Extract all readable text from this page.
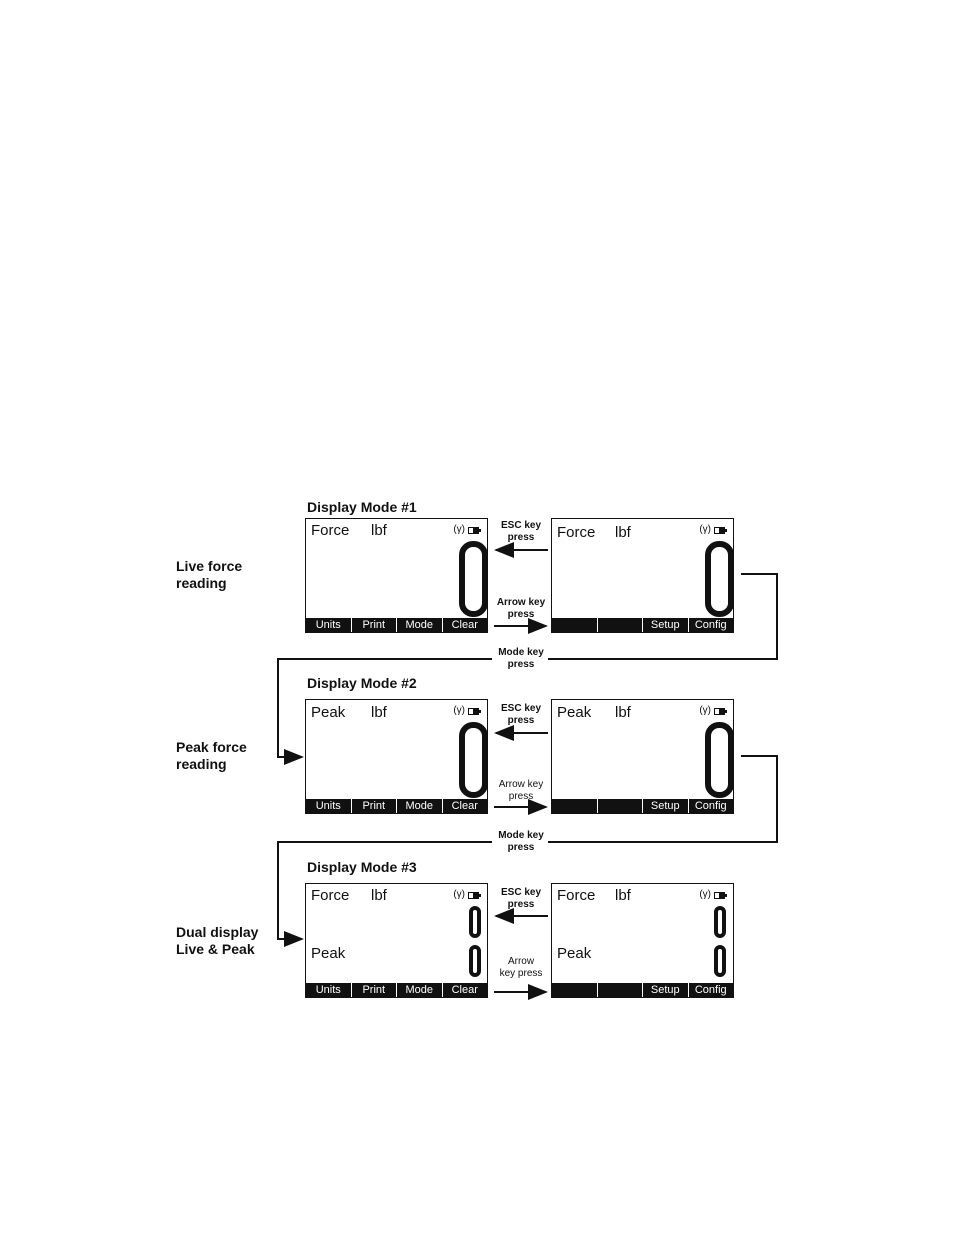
Display Mode #1
Live force
reading
Force lbf	(γ)
Units	Print	Mode	Clear
ESC key
press
Arrow key
press
Force lbf	(γ)
Setup	Config
Mode key
press
Display Mode #2
Peak force
reading
Peak lbf	(γ)
Units	Print	Mode	Clear
ESC key
press
Arrow key
press
Peak lbf	(γ)
Setup	Config
Mode key
press
Display Mode #3
Dual display
Live & Peak
Force lbf	(γ)
Peak
Units	Print	Mode	Clear
ESC key
press
Arrow
key press
Force lbf	(γ)
Peak
Setup	Config
